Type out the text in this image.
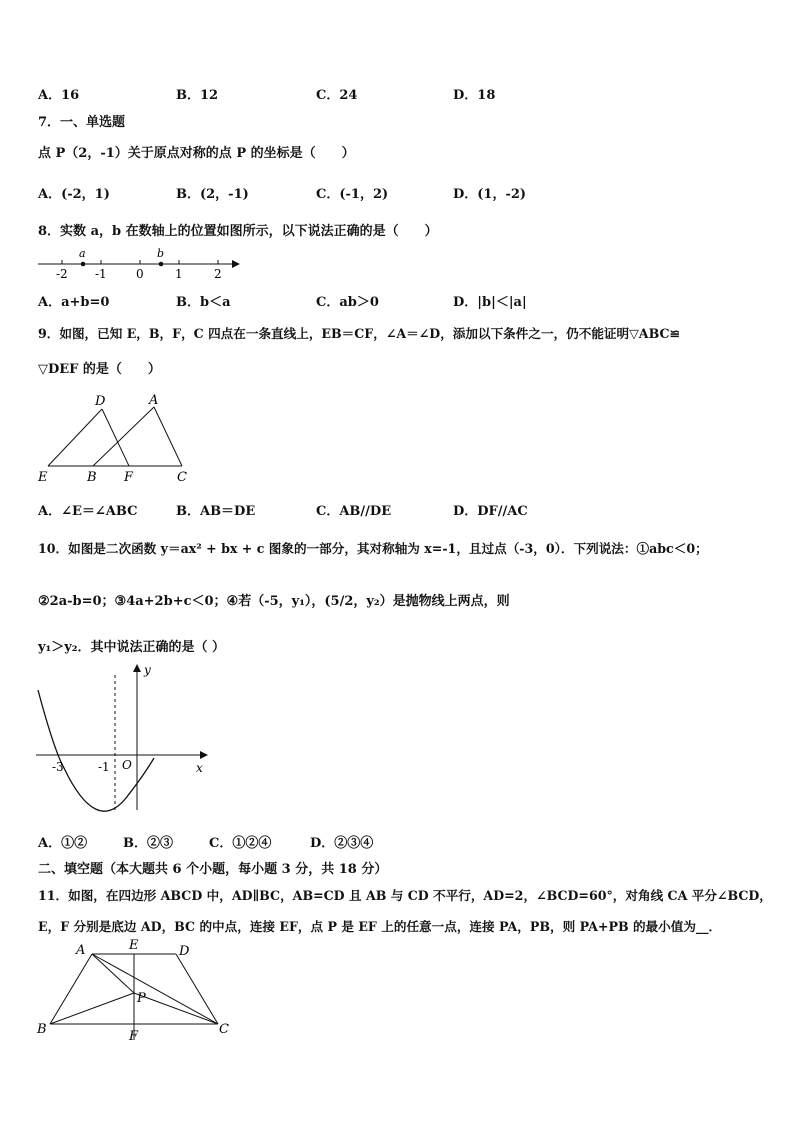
A．16	B．12	C．24	D．18
7．一、单选题
点 P（2，-1）关于原点对称的点 P 的坐标是（　　）
A．(-2，1)	B．(2，-1)	C．(-1，2)	D．(1，-2)
8．实数 a，b 在数轴上的位置如图所示，以下说法正确的是（　　）
a	b
-2 -1 0	1	2
A．a+b=0	B．b＜a	C．ab＞0	D．|b|＜|a|
9．如图，已知 E，B，F，C 四点在一条直线上，EB＝CF，∠A＝∠D，添加以下条件之一，仍不能证明▽ABC≌
▽DEF 的是（　　）
D	A
E	B F	C
A．∠E＝∠ABC	B．AB＝DE	C．AB//DE	D．DF//AC
10．如图是二次函数 y＝ax² + bx + c 图象的一部分，其对称轴为 x=-1，且过点（-3，0）．下列说法：①abc＜0；
②2a-b=0；③4a+2b+c＜0；④若（-5，y₁），(5/2，y₂）是抛物线上两点，则
y₁＞y₂．其中说法正确的是（ ）
y
x
O
-3	-1
A．①②	B．②③	C．①②④	D．②③④
二、填空题（本大题共 6 个小题，每小题 3 分，共 18 分）
11．如图，在四边形 ABCD 中，AD∥BC，AB=CD 且 AB 与 CD 不平行，AD=2，∠BCD=60°，对角线 CA 平分∠BCD，
E，F 分别是底边 AD，BC 的中点，连接 EF，点 P 是 EF 上的任意一点，连接 PA，PB，则 PA+PB 的最小值为__．
A	E	D
P
B	F	C
